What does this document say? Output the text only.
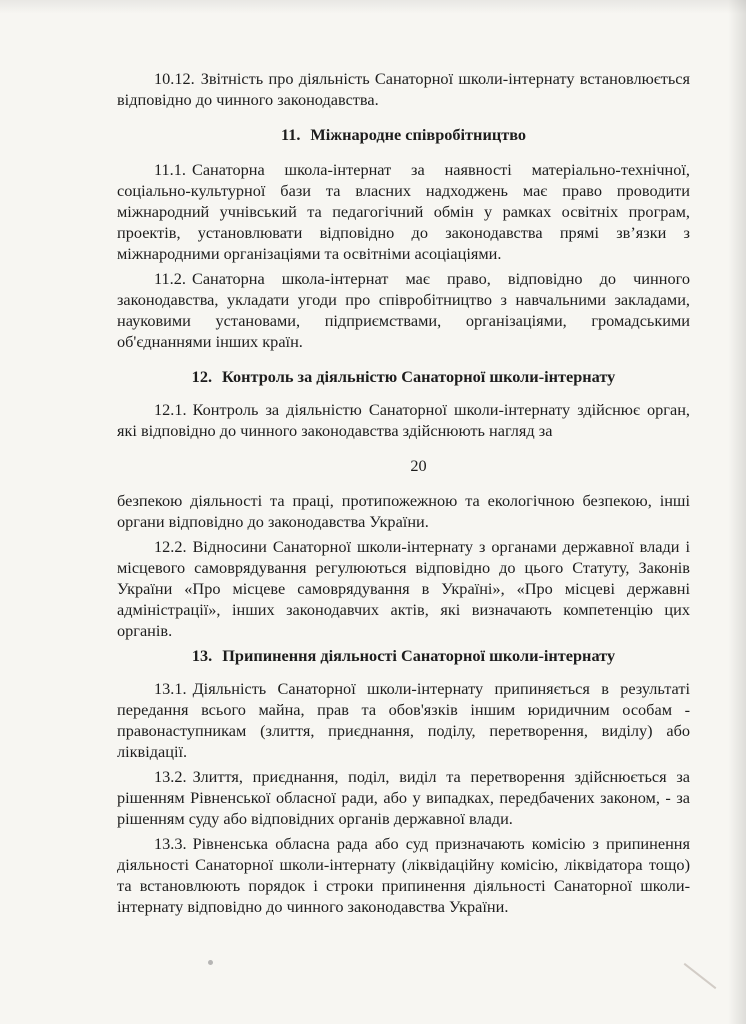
10.12. Звітність про діяльність Санаторної школи-інтернату встановлюється відповідно до чинного законодавства.

11. Міжнародне співробітництво

11.1. Санаторна школа-інтернат за наявності матеріально-технічної, соціально-культурної бази та власних надходжень має право проводити міжнародний учнівський та педагогічний обмін у рамках освітніх програм, проектів, установлювати відповідно до законодавства прямі зв’язки з міжнародними організаціями та освітніми асоціаціями.

11.2. Санаторна школа-інтернат має право, відповідно до чинного законодавства, укладати угоди про співробітництво з навчальними закладами, науковими установами, підприємствами, організаціями, громадськими об'єднаннями інших країн.

12. Контроль за діяльністю Санаторної школи-інтернату

12.1. Контроль за діяльністю Санаторної школи-інтернату здійснює орган, які відповідно до чинного законодавства здійснюють нагляд за

20

безпекою діяльності та праці, протипожежною та екологічною безпекою, інші органи відповідно до законодавства України.

12.2. Відносини Санаторної школи-інтернату з органами державної влади і місцевого самоврядування регулюються відповідно до цього Статуту, Законів України «Про місцеве самоврядування в Україні», «Про місцеві державні адміністрації», інших законодавчих актів, які визначають компетенцію цих органів.

13. Припинення діяльності Санаторної школи-інтернату

13.1. Діяльність Санаторної школи-інтернату припиняється в результаті передання всього майна, прав та обов'язків іншим юридичним особам - правонаступникам (злиття, приєднання, поділу, перетворення, виділу) або ліквідації.

13.2. Злиття, приєднання, поділ, виділ та перетворення здійснюється за рішенням Рівненської обласної ради, або у випадках, передбачених законом, - за рішенням суду або відповідних органів державної влади.

13.3. Рівненська обласна рада або суд призначають комісію з припинення діяльності Санаторної школи-інтернату (ліквідаційну комісію, ліквідатора тощо) та встановлюють порядок і строки припинення діяльності Санаторної школи-інтернату відповідно до чинного законодавства України.
